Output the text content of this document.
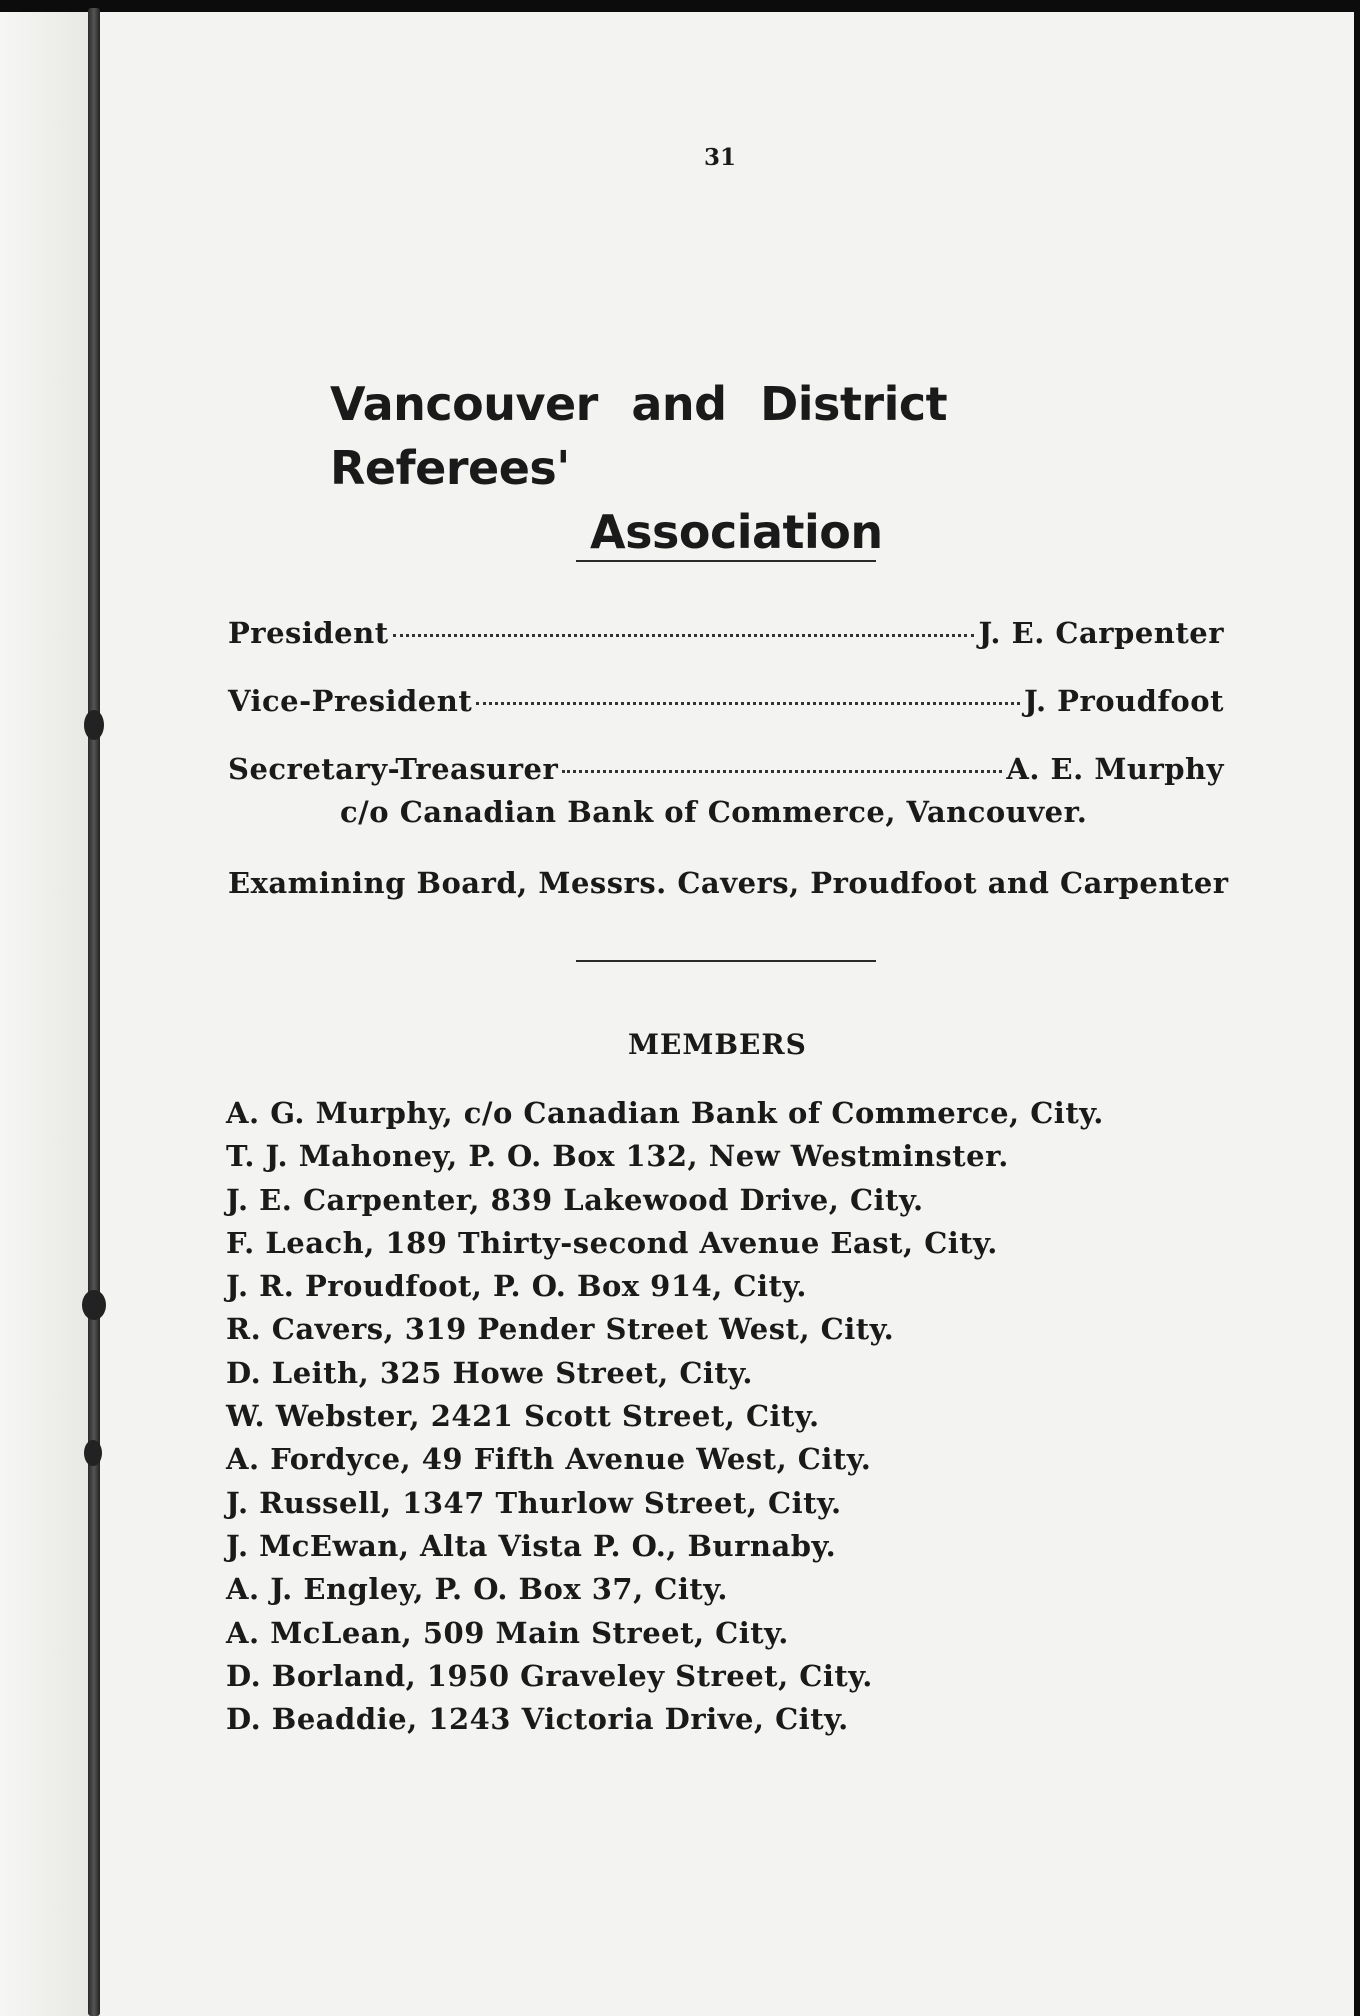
31
Vancouver and District Referees'
Association
President	J. E. Carpenter
Vice-President	J. Proudfoot
Secretary-Treasurer	A. E. Murphy
c/o Canadian Bank of Commerce, Vancouver.
Examining Board, Messrs. Cavers, Proudfoot and Carpenter
MEMBERS
A. G. Murphy, c/o Canadian Bank of Commerce, City.
T. J. Mahoney, P. O. Box 132, New Westminster.
J. E. Carpenter, 839 Lakewood Drive, City.
F. Leach, 189 Thirty-second Avenue East, City.
J. R. Proudfoot, P. O. Box 914, City.
R. Cavers, 319 Pender Street West, City.
D. Leith, 325 Howe Street, City.
W. Webster, 2421 Scott Street, City.
A. Fordyce, 49 Fifth Avenue West, City.
J. Russell, 1347 Thurlow Street, City.
J. McEwan, Alta Vista P. O., Burnaby.
A. J. Engley, P. O. Box 37, City.
A. McLean, 509 Main Street, City.
D. Borland, 1950 Graveley Street, City.
D. Beaddie, 1243 Victoria Drive, City.
